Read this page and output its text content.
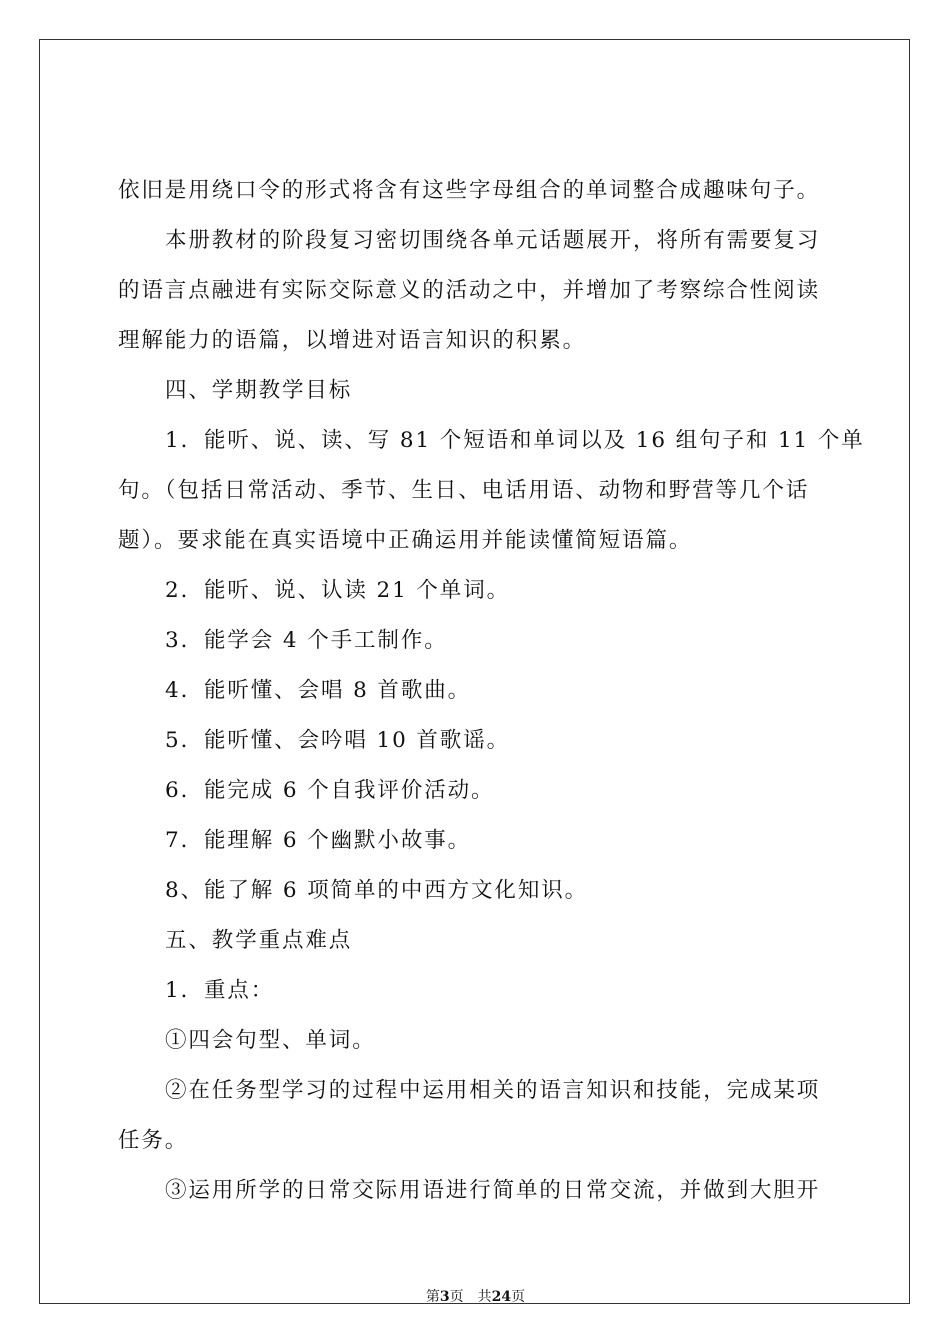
依旧是用绕口令的形式将含有这些字母组合的单词整合成趣味句子。

本册教材的阶段复习密切围绕各单元话题展开，将所有需要复习

的语言点融进有实际交际意义的活动之中，并增加了考察综合性阅读

理解能力的语篇，以增进对语言知识的积累。

四、学期教学目标

1．能听、说、读、写 81 个短语和单词以及 16 组句子和 11 个单

句。（包括日常活动、季节、生日、电话用语、动物和野营等几个话

题）。要求能在真实语境中正确运用并能读懂简短语篇。

2．能听、说、认读 21 个单词。

3．能学会 4 个手工制作。

4．能听懂、会唱 8 首歌曲。

5．能听懂、会吟唱 10 首歌谣。

6．能完成 6 个自我评价活动。

7．能理解 6 个幽默小故事。

8、能了解 6 项简单的中西方文化知识。

五、教学重点难点

1．重点：

①四会句型、单词。

②在任务型学习的过程中运用相关的语言知识和技能，完成某项

任务。

③运用所学的日常交际用语进行简单的日常交流，并做到大胆开

第3页 共24页
